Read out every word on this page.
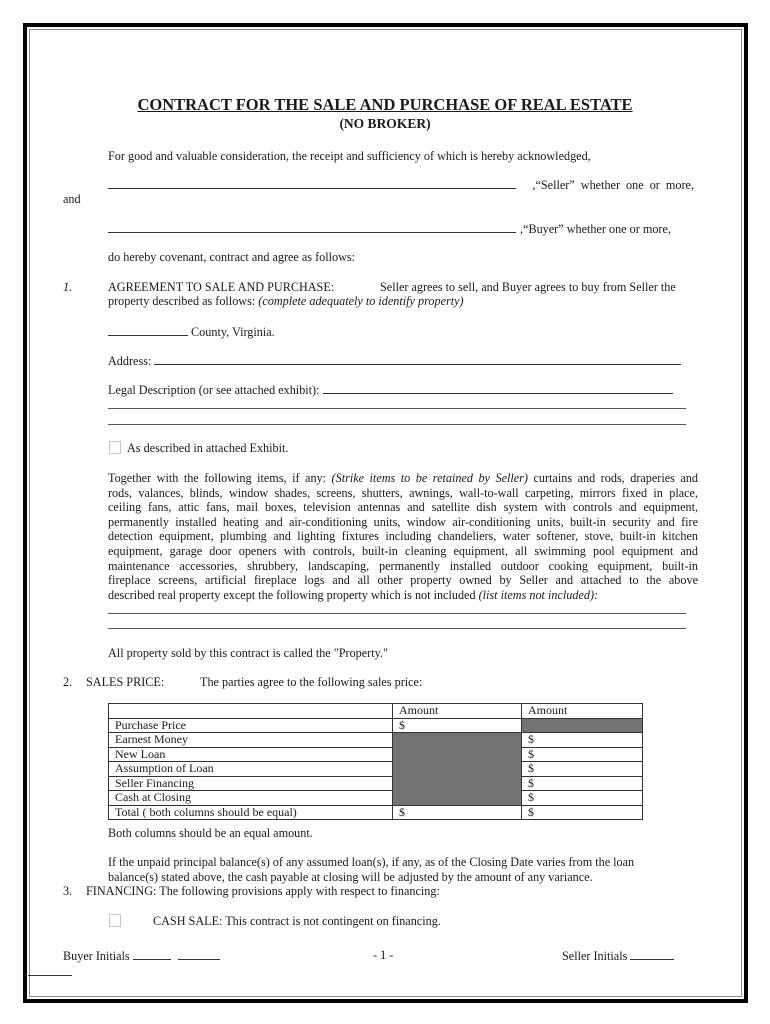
CONTRACT FOR THE SALE AND PURCHASE OF REAL ESTATE
(NO BROKER)
For good and valuable consideration, the receipt and sufficiency of which is hereby acknowledged,
,“Seller” whether one or more,
and
,“Buyer” whether one or more,
do hereby covenant, contract and agree as follows:
1.	AGREEMENT TO SALE AND PURCHASE:	Seller agrees to sell, and Buyer agrees to buy from Seller the
property described as follows: (complete adequately to identify property)
County, Virginia.
Address:
Legal Description (or see attached exhibit):
As described in attached Exhibit.
Together with the following items, if any: (Strike items to be retained by Seller) curtains and rods, draperies and
rods, valances, blinds, window shades, screens, shutters, awnings, wall-to-wall carpeting, mirrors fixed in place,
ceiling fans, attic fans, mail boxes, television antennas and satellite dish system with controls and equipment,
permanently installed heating and air-conditioning units, window air-conditioning units, built-in security and fire
detection equipment, plumbing and lighting fixtures including chandeliers, water softener, stove, built-in kitchen
equipment, garage door openers with controls, built-in cleaning equipment, all swimming pool equipment and
maintenance accessories, shrubbery, landscaping, permanently installed outdoor cooking equipment, built-in
fireplace screens, artificial fireplace logs and all other property owned by Seller and attached to the above
described real property except the following property which is not included (list items not included):
All property sold by this contract is called the "Property."
2. SALES PRICE:	The parties agree to the following sales price:
	Amount	Amount
Purchase Price	$	
Earnest Money		$
New Loan		$
Assumption of Loan		$
Seller Financing		$
Cash at Closing		$
Total ( both columns should be equal)	$	$
Both columns should be an equal amount.
If the unpaid principal balance(s) of any assumed loan(s), if any, as of the Closing Date varies from the loan
balance(s) stated above, the cash payable at closing will be adjusted by the amount of any variance.
3. FINANCING: The following provisions apply with respect to financing:
CASH SALE: This contract is not contingent on financing.
Buyer Initials	- 1 -	Seller Initials
